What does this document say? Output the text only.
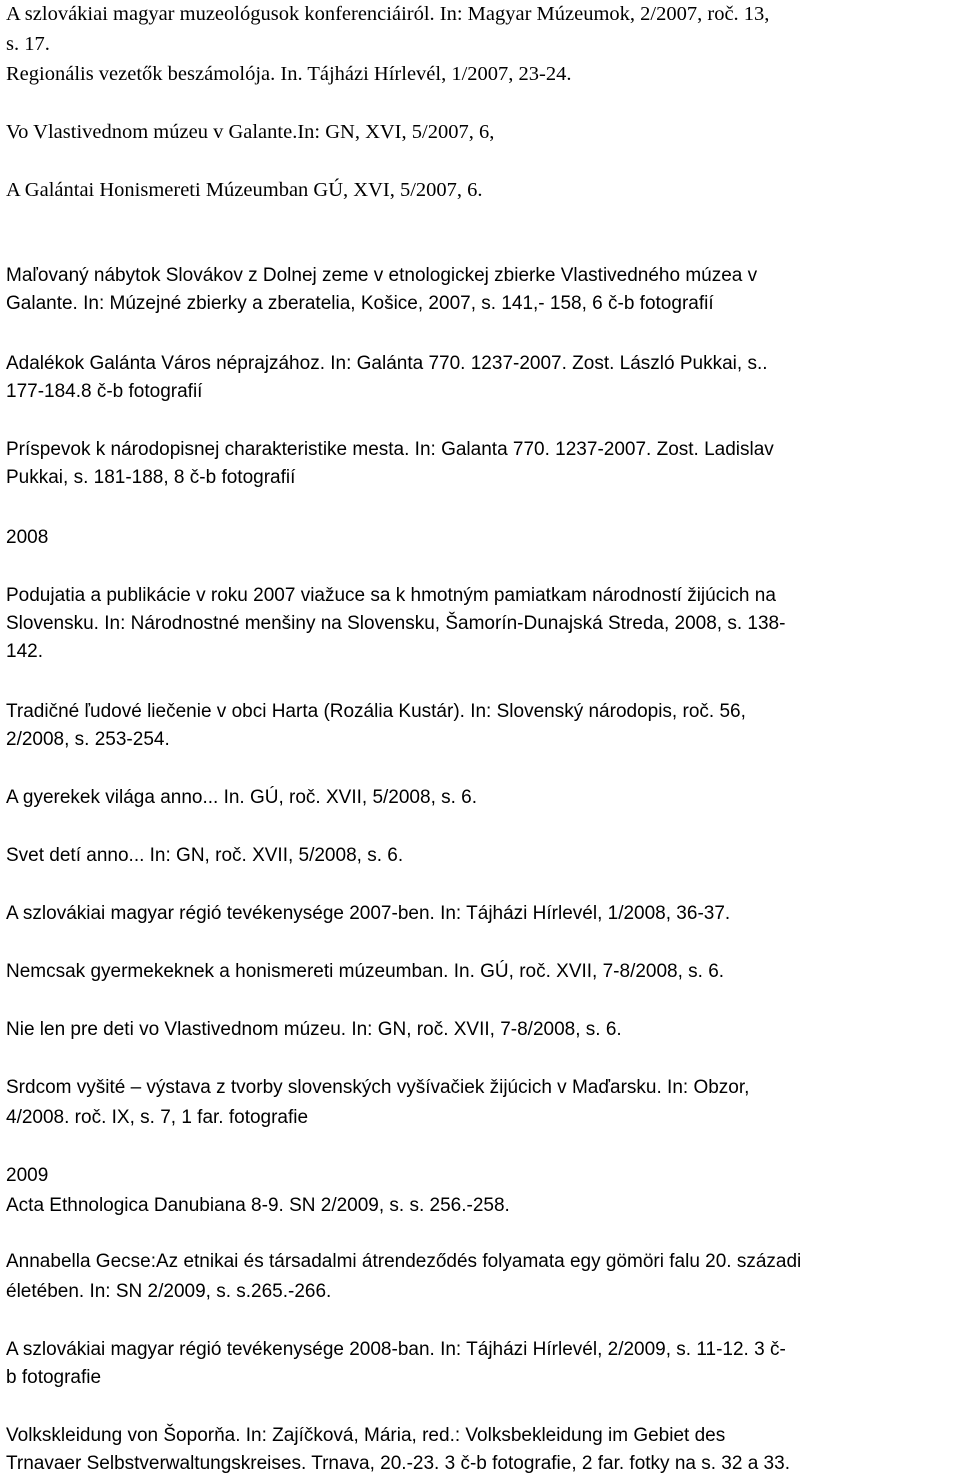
A szlovákiai magyar muzeológusok konferenciáiról. In: Magyar Múzeumok, 2/2007, roč. 13,
s. 17.
Regionális vezetők beszámolója. In. Tájházi Hírlevél, 1/2007, 23-24.
Vo Vlastivednom múzeu v Galante.In: GN, XVI, 5/2007, 6,
A Galántai Honismereti Múzeumban GÚ, XVI, 5/2007, 6.
Maľovaný nábytok Slovákov z Dolnej zeme v etnologickej zbierke Vlastivedného múzea v
Galante. In: Múzejné zbierky a zberatelia, Košice, 2007, s. 141,- 158, 6 č-b fotografií
Adalékok Galánta Város néprajzához. In: Galánta 770. 1237-2007. Zost. László Pukkai, s..
177-184.8 č-b fotografií
Príspevok k národopisnej charakteristike mesta. In: Galanta 770. 1237-2007. Zost. Ladislav
Pukkai, s. 181-188, 8 č-b fotografií
2008
Podujatia a publikácie v roku 2007 viažuce sa k hmotným pamiatkam národností žijúcich na
Slovensku. In: Národnostné menšiny na Slovensku, Šamorín-Dunajská Streda, 2008, s. 138-
142.
Tradičné ľudové liečenie v obci Harta (Rozália Kustár). In: Slovenský národopis, roč. 56,
2/2008, s. 253-254.
A gyerekek világa anno... In. GÚ, roč. XVII, 5/2008, s. 6.
Svet detí anno... In: GN, roč. XVII, 5/2008, s. 6.
A szlovákiai magyar régió tevékenysége 2007-ben. In: Tájházi Hírlevél, 1/2008, 36-37.
Nemcsak gyermekeknek a honismereti múzeumban. In. GÚ, roč. XVII, 7-8/2008, s. 6.
Nie len pre deti vo Vlastivednom múzeu. In: GN, roč. XVII, 7-8/2008, s. 6.
Srdcom vyšité – výstava z tvorby slovenských vyšívačiek žijúcich v Maďarsku. In: Obzor,
4/2008. roč. IX, s. 7, 1 far. fotografie
2009
Acta Ethnologica Danubiana 8-9. SN 2/2009, s. s. 256.-258.
Annabella Gecse:Az etnikai és társadalmi átrendeződés folyamata egy gömöri falu 20. századi
életében. In: SN 2/2009, s. s.265.-266.
A szlovákiai magyar régió tevékenysége 2008-ban. In: Tájházi Hírlevél, 2/2009, s. 11-12. 3 č-
b fotografie
Volkskleidung von Šoporňa. In: Zajíčková, Mária, red.: Volksbekleidung im Gebiet des
Trnavaer Selbstverwaltungskreises. Trnava, 20.-23. 3 č-b fotografie, 2 far. fotky na s. 32 a 33.
